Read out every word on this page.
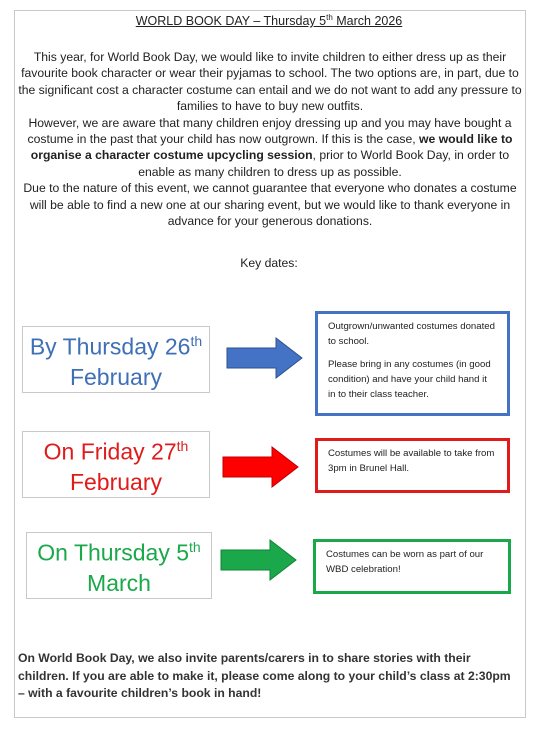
WORLD BOOK DAY – Thursday 5th March 2026

This year, for World Book Day, we would like to invite children to either dress up as their favourite book character or wear their pyjamas to school. The two options are, in part, due to the significant cost a character costume can entail and we do not want to add any pressure to families to have to buy new outfits.

However, we are aware that many children enjoy dressing up and you may have bought a costume in the past that your child has now outgrown. If this is the case, we would like to organise a character costume upcycling session, prior to World Book Day, in order to enable as many children to dress up as possible.

Due to the nature of this event, we cannot guarantee that everyone who donates a costume will be able to find a new one at our sharing event, but we would like to thank everyone in advance for your generous donations.

Key dates:
By Thursday 26th
February

Outgrown/unwanted costumes donated to school.

Please bring in any costumes (in good condition) and have your child hand it in to their class teacher.

On Friday 27th
February

Costumes will be available to take from 3pm in Brunel Hall.

On Thursday 5th
March

Costumes can be worn as part of our WBD celebration!

On World Book Day, we also invite parents/carers in to share stories with their children. If you are able to make it, please come along to your child’s class at 2:30pm – with a favourite children’s book in hand!
